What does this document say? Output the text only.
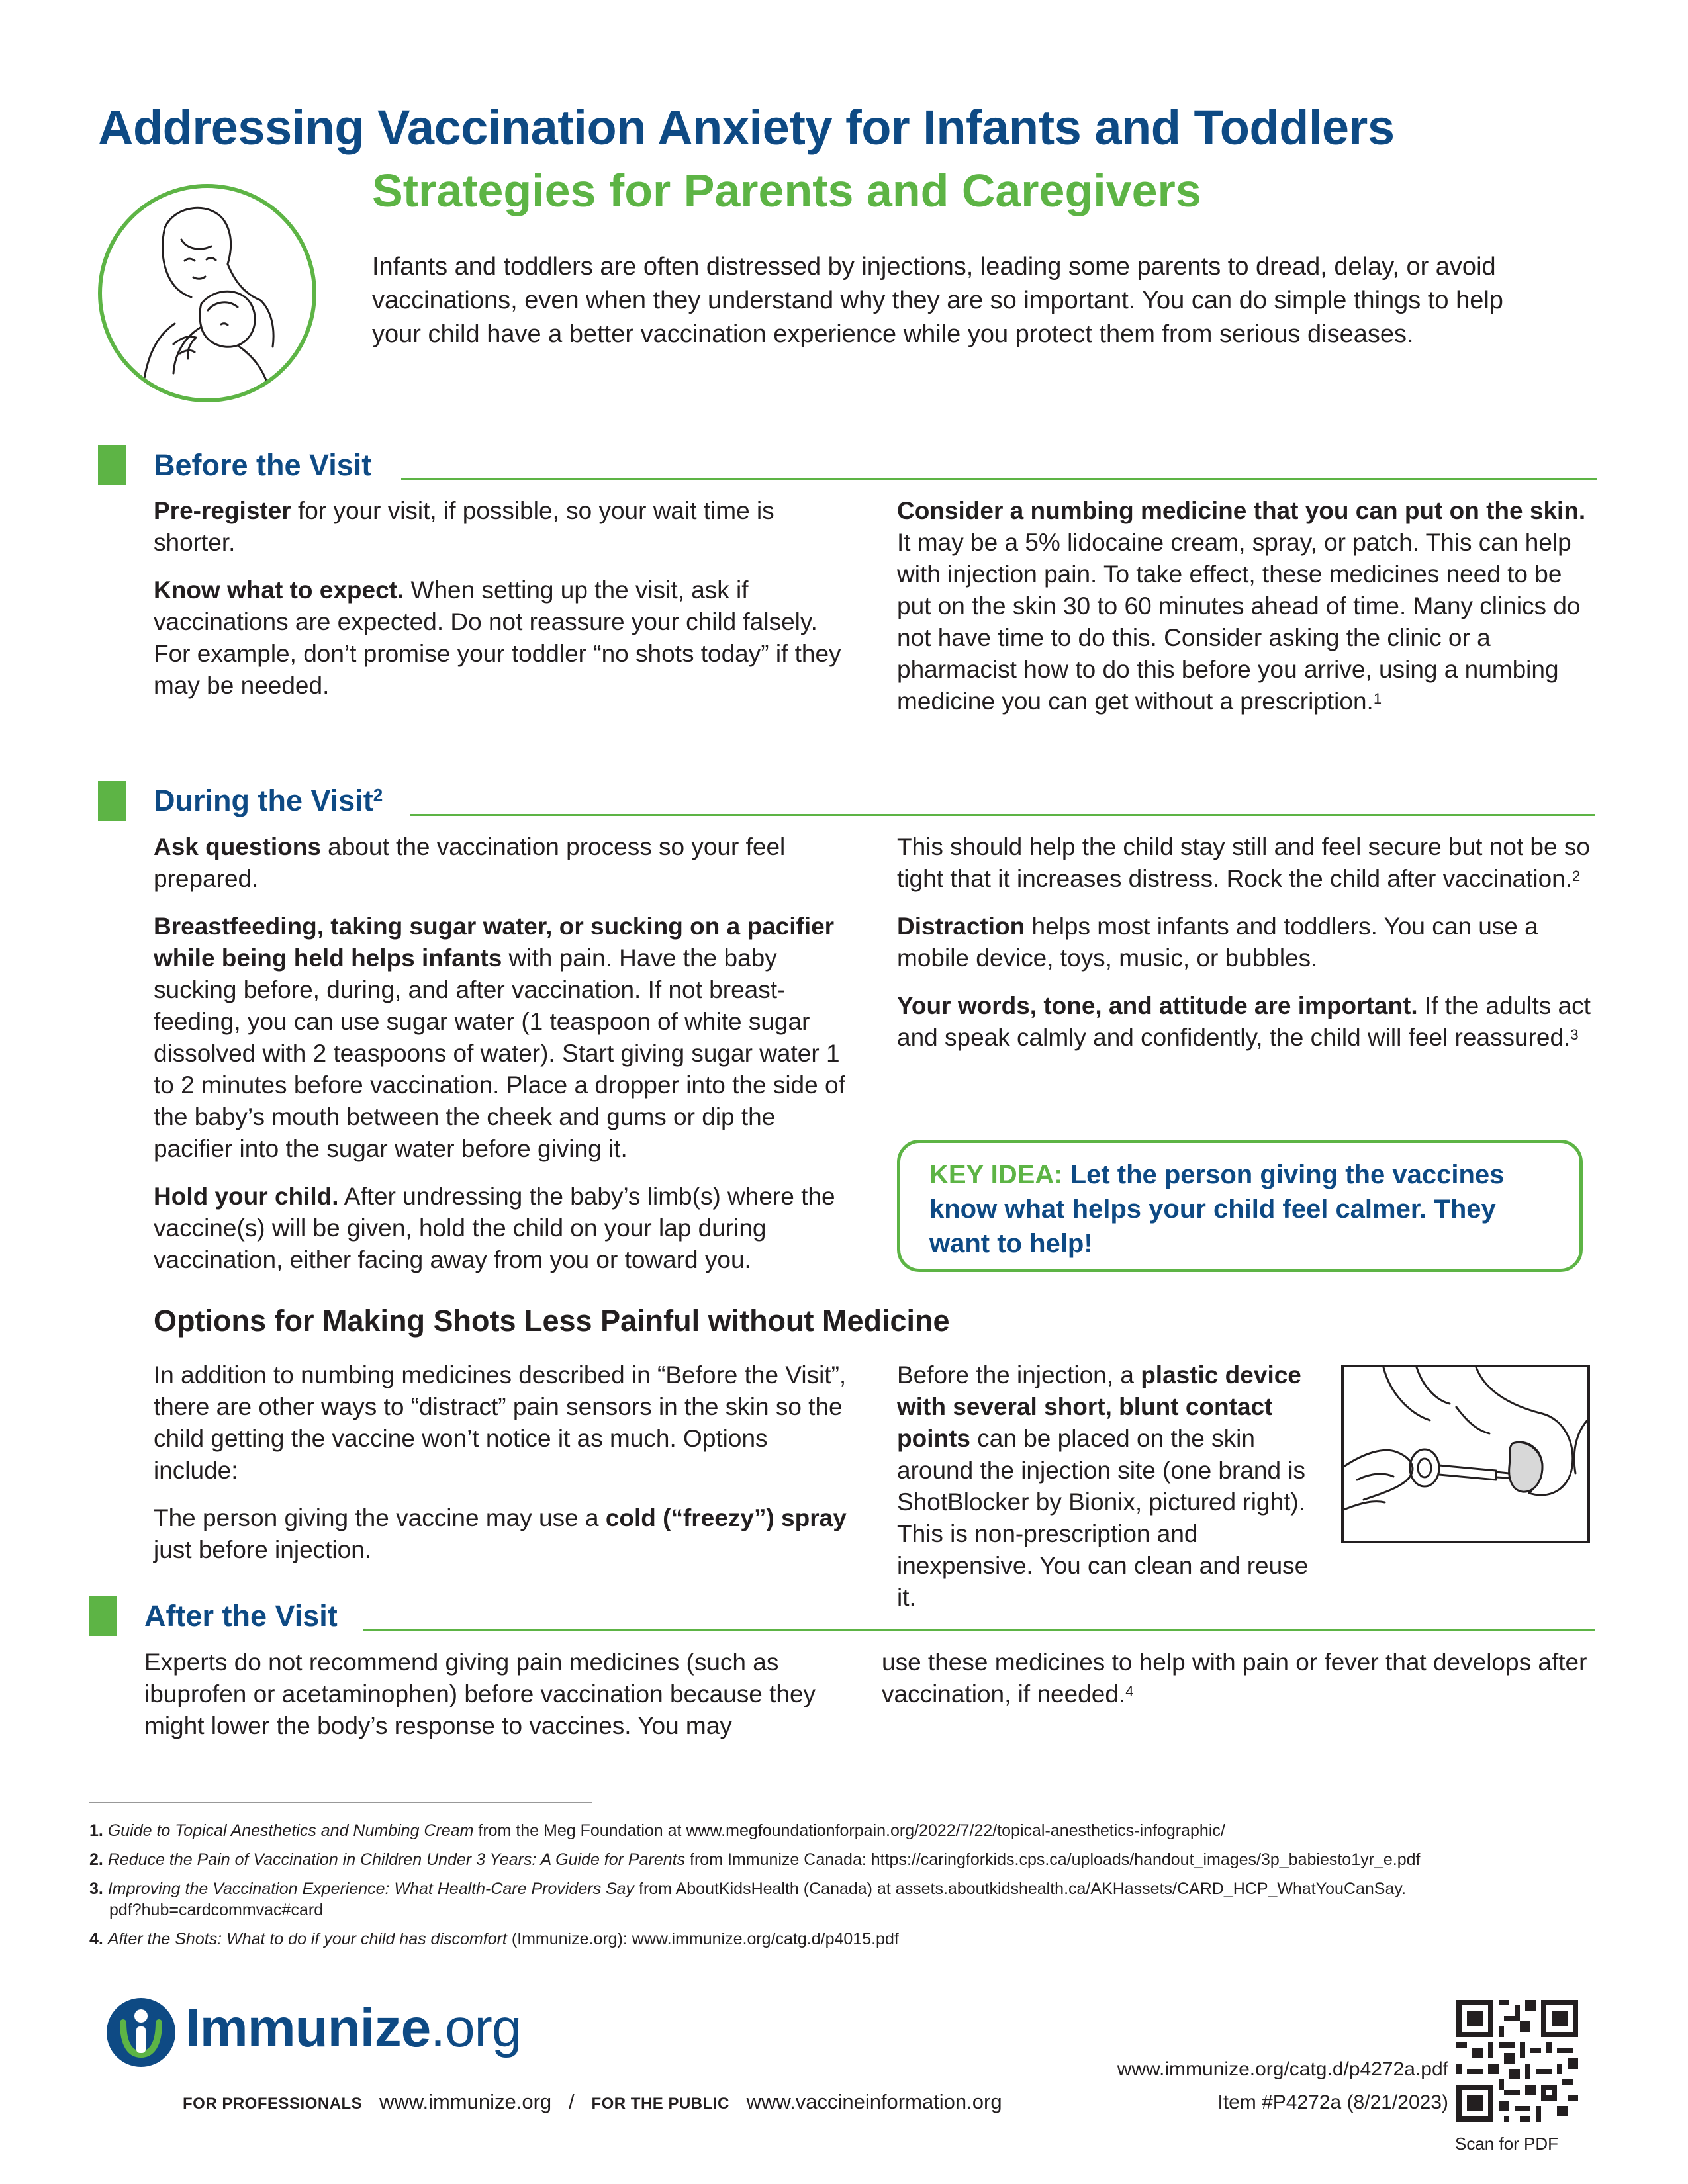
Addressing Vaccination Anxiety for Infants and Toddlers
Strategies for Parents and Caregivers
Infants and toddlers are often distressed by injections, leading some parents to dread, delay, or avoid vaccinations, even when they understand why they are so important. You can do simple things to help your child have a better vaccination experience while you protect them from serious diseases.
Before the Visit

Pre-register for your visit, if possible, so your wait time is shorter.

Know what to expect. When setting up the visit, ask if vaccinations are expected. Do not reassure your child falsely. For example, don’t promise your toddler “no shots today” if they may be needed.

Consider a numbing medicine that you can put on the skin. It may be a 5% lidocaine cream, spray, or patch. This can help with injection pain. To take effect, these medicines need to be put on the skin 30 to 60 minutes ahead of time. Many clinics do not have time to do this. Consider asking the clinic or a pharmacist how to do this before you arrive, using a numbing medicine you can get without a prescription.$^1$

During the Visit$^2$

Ask questions about the vaccination process so your feel prepared.

Breastfeeding, taking sugar water, or sucking on a pacifier while being held helps infants with pain. Have the baby sucking before, during, and after vaccination. If not breast-feeding, you can use sugar water (1 teaspoon of white sugar dissolved with 2 teaspoons of water). Start giving sugar water 1 to 2 minutes before vaccination. Place a dropper into the side of the baby’s mouth between the cheek and gums or dip the pacifier into the sugar water before giving it.

Hold your child. After undressing the baby’s limb(s) where the vaccine(s) will be given, hold the child on your lap during vaccination, either facing away from you or toward you.

This should help the child stay still and feel secure but not be so tight that it increases distress. Rock the child after vaccination.$^2$

Distraction helps most infants and toddlers. You can use a mobile device, toys, music, or bubbles.

Your words, tone, and attitude are important. If the adults act and speak calmly and confidently, the child will feel reassured.$^3$

KEY IDEA: Let the person giving the vaccines know what helps your child feel calmer. They want to help!
Options for Making Shots Less Painful without Medicine

In addition to numbing medicines described in “Before the Visit”, there are other ways to “distract” pain sensors in the skin so the child getting the vaccine won’t notice it as much. Options include:

The person giving the vaccine may use a cold (“freezy”) spray just before injection.

Before the injection, a plastic device with several short, blunt contact points can be placed on the skin around the injection site (one brand is ShotBlocker by Bionix, pictured right). This is non-prescription and inexpensive. You can clean and reuse it.

After the Visit

Experts do not recommend giving pain medicines (such as ibuprofen or acetaminophen) before vaccination because they might lower the body’s response to vaccines. You may

use these medicines to help with pain or fever that develops after vaccination, if needed.$^4$

1. Guide to Topical Anesthetics and Numbing Cream from the Meg Foundation at www.megfoundationforpain.org/2022/7/22/topical-anesthetics-infographic/
2. Reduce the Pain of Vaccination in Children Under 3 Years: A Guide for Parents from Immunize Canada: https://caringforkids.cps.ca/uploads/handout_images/3p_babiesto1yr_e.pdf
3. Improving the Vaccination Experience: What Health-Care Providers Say from AboutKidsHealth (Canada) at assets.aboutkidshealth.ca/AKHassets/CARD_HCP_WhatYouCanSay.
pdf?hub=cardcommvac#card
4. After the Shots: What to do if your child has discomfort (Immunize.org): www.immunize.org/catg.d/p4015.pdf
Immunize.org
FOR PROFESSIONALS www.immunize.org / FOR THE PUBLIC www.vaccineinformation.org
www.immunize.org/catg.d/p4272a.pdf
Item #P4272a (8/21/2023)
Scan for PDF
